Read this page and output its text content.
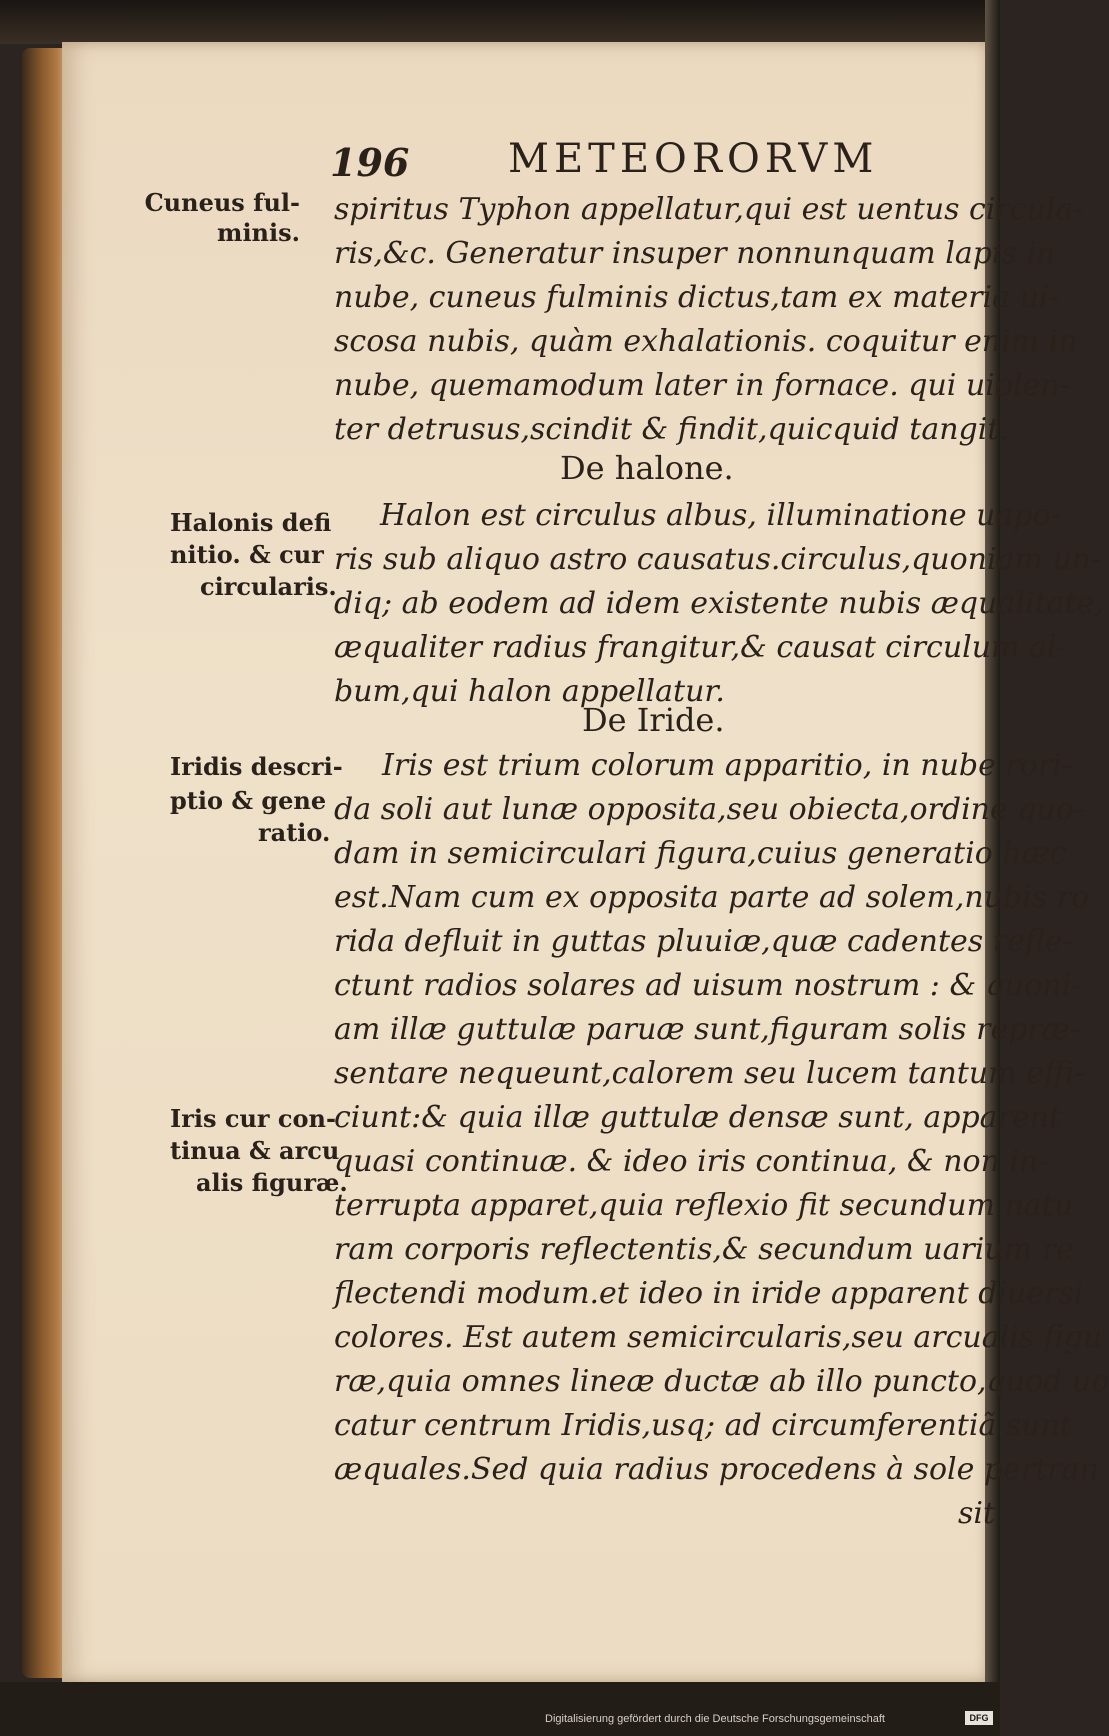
196 METEORORVM
Cuneus ful-
minis.
spiritus Typhon appellatur,qui est uentus circula-
ris,&c. Generatur insuper nonnunquam lapis in
nube, cuneus fulminis dictus,tam ex materia ui-
scosa nubis, quàm exhalationis. coquitur enim in
nube, quemamodum later in fornace. qui uiolen-
ter detrusus,scindit & findit,quicquid tangit.
De halone.
Halonis defi
nitio. & cur
circularis.
Halon est circulus albus, illuminatione uapo-
ris sub aliquo astro causatus.circulus,quoniam un-
diq; ab eodem ad idem existente nubis æqualitate,
æqualiter radius frangitur,& causat circulum al-
bum,qui halon appellatur.
De Iride.
Iridis descri-
ptio & gene
ratio.
Iris cur con-
tinua & arcu
alis figuræ.
Iris est trium colorum apparitio, in nube rori-
da soli aut lunæ opposita,seu obiecta,ordine quo-
dam in semicirculari figura,cuius generatio hæc
est.Nam cum ex opposita parte ad solem,nubis ro
rida defluit in guttas pluuiæ,quæ cadentes refle-
ctunt radios solares ad uisum nostrum : & quoni-
am illæ guttulæ paruæ sunt,figuram solis repræ-
sentare nequeunt,calorem seu lucem tantum effi-
ciunt:& quia illæ guttulæ densæ sunt, apparent
quasi continuæ. & ideo iris continua, & non in-
terrupta apparet,quia reflexio fit secundum natu
ram corporis reflectentis,& secundum uarium re
flectendi modum.et ideo in iride apparent diuersi
colores. Est autem semicircularis,seu arcualis figu
ræ,quia omnes lineæ ductæ ab illo puncto,quod uo
catur centrum Iridis,usq; ad circumferentiã sunt
æquales.Sed quia radius procedens à sole pertran
sit
Digitalisierung gefördert durch die Deutsche Forschungsgemeinschaft	DFG
